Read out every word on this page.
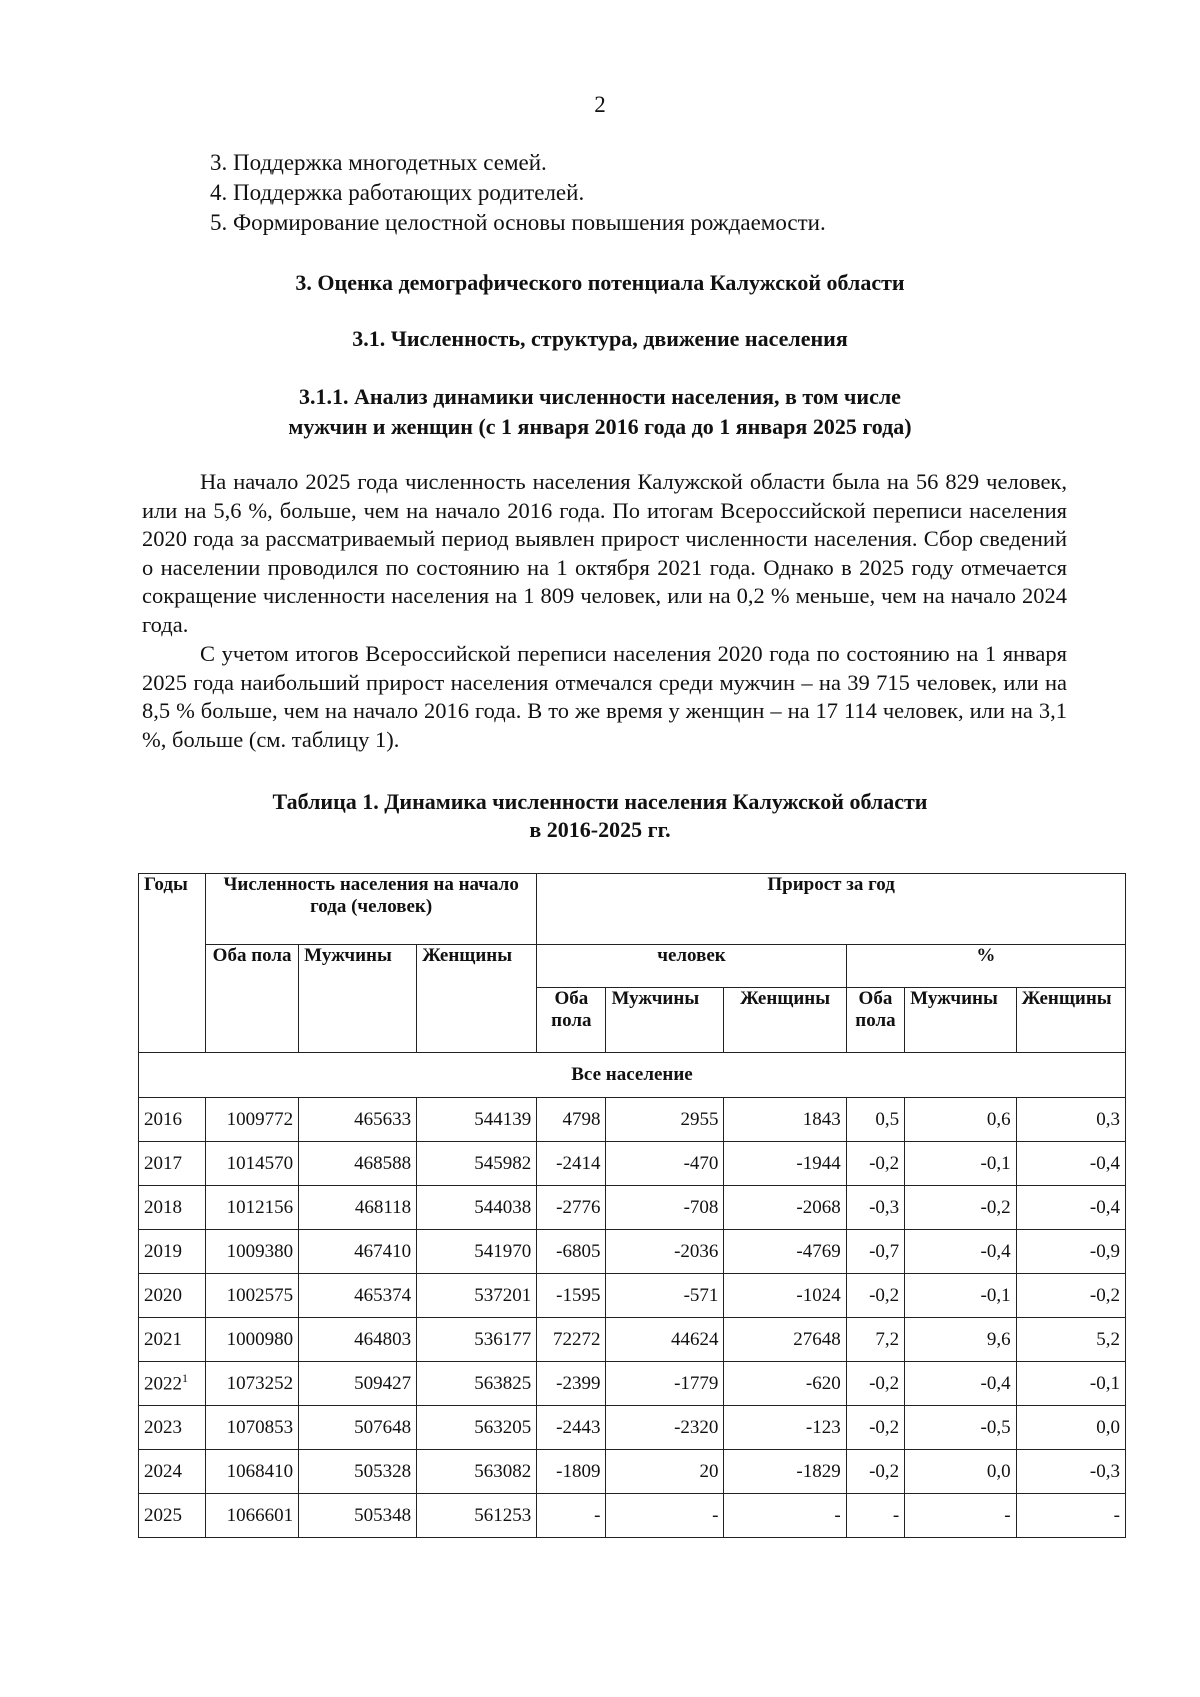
2
3. Поддержка многодетных семей.
4. Поддержка работающих родителей.
5. Формирование целостной основы повышения рождаемости.
3. Оценка демографического потенциала Калужской области
3.1. Численность, структура, движение населения
3.1.1. Анализ динамики численности населения, в том числе
мужчин и женщин (с 1 января 2016 года до 1 января 2025 года)

На начало 2025 года численность населения Калужской области была на 56 829 человек, или на 5,6 %, больше, чем на начало 2016 года. По итогам Всероссийской переписи населения 2020 года за рассматриваемый период выявлен прирост численности населения. Сбор сведений о населении проводился по состоянию на 1 октября 2021 года. Однако в 2025 году отмечается сокращение численности населения на 1 809 человек, или на 0,2 % меньше, чем на начало 2024 года.

С учетом итогов Всероссийской переписи населения 2020 года по состоянию на 1 января 2025 года наибольший прирост населения отмечался среди мужчин – на 39 715 человек, или на 8,5 % больше, чем на начало 2016 года. В то же время у женщин – на 17 114 человек, или на 3,1 %, больше (см. таблицу 1).

Таблица 1. Динамика численности населения Калужской области
в 2016-2025 гг.
Годы	Численность населения на начало года (человек)			Прирост за год					
	Оба пола	Мужчины	Женщины	человек			%		
				Оба пола	Мужчины	Женщины	Оба пола	Мужчины	Женщины
Все население									
2016	1009772	465633	544139	4798	2955	1843	0,5	0,6	0,3
2017	1014570	468588	545982	-2414	-470	-1944	-0,2	-0,1	-0,4
2018	1012156	468118	544038	-2776	-708	-2068	-0,3	-0,2	-0,4
2019	1009380	467410	541970	-6805	-2036	-4769	-0,7	-0,4	-0,9
2020	1002575	465374	537201	-1595	-571	-1024	-0,2	-0,1	-0,2
2021	1000980	464803	536177	72272	44624	27648	7,2	9,6	5,2
2022$^1$	1073252	509427	563825	-2399	-1779	-620	-0,2	-0,4	-0,1
2023	1070853	507648	563205	-2443	-2320	-123	-0,2	-0,5	0,0
2024	1068410	505328	563082	-1809	20	-1829	-0,2	0,0	-0,3
2025	1066601	505348	561253	-	-	-	-	-	-
